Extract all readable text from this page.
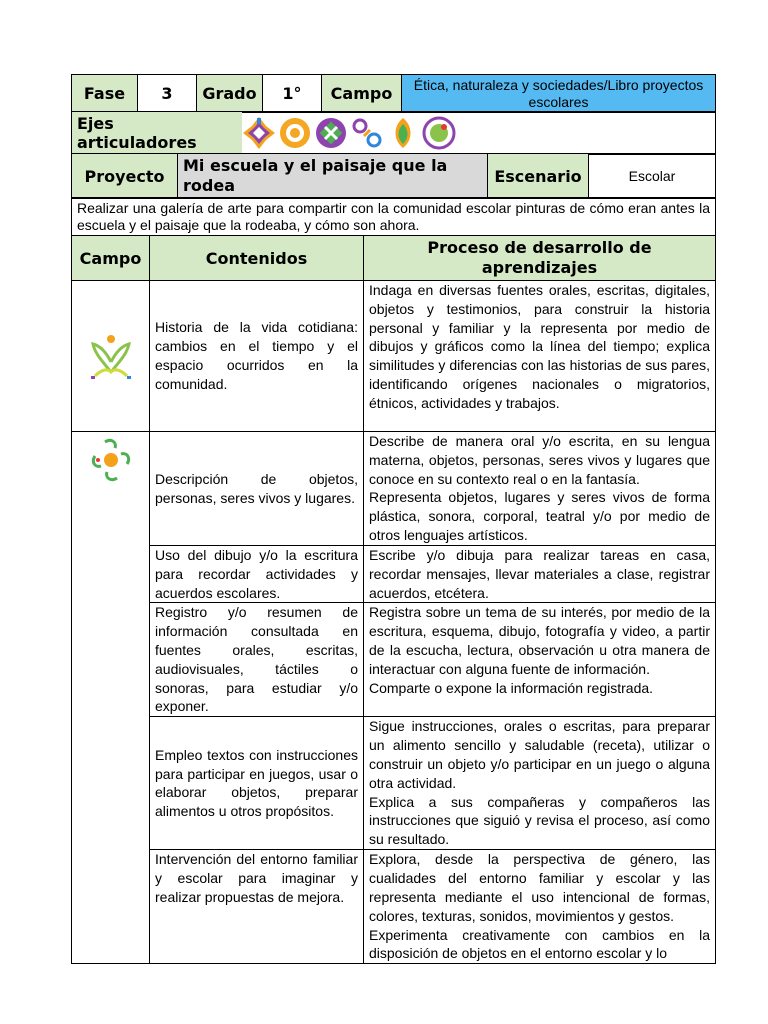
Fase	3	Grado	1°	Campo	Ética, naturaleza y sociedades/Libro proyectos escolares
Ejes articuladores	
Proyecto	Mi escuela y el paisaje que la rodea	Escenario	Escolar
Realizar una galería de arte para compartir con la comunidad escolar pinturas de cómo eran antes la escuela y el paisaje que la rodeaba, y cómo son ahora.
Campo	Contenidos	Proceso de desarrollo de aprendizajes

	Historia de la vida cotidiana: cambios en el tiempo y el espacio ocurridos en la comunidad.	Indaga en diversas fuentes orales, escritas, digitales, objetos y testimonios, para construir la historia personal y familiar y la representa por medio de dibujos y gráficos como la línea del tiempo; explica similitudes y diferencias con las historias de sus pares, identificando orígenes nacionales o migratorios, étnicos, actividades y trabajos.

	Descripción de objetos, personas, seres vivos y lugares.	Describe de manera oral y/o escrita, en su lengua materna, objetos, personas, seres vivos y lugares que conoce en su contexto real o en la fantasía.
Representa objetos, lugares y seres vivos de forma plástica, sonora, corporal, teatral y/o por medio de otros lenguajes artísticos.

	Uso del dibujo y/o la escritura para recordar actividades y acuerdos escolares.	Escribe y/o dibuja para realizar tareas en casa, recordar mensajes, llevar materiales a clase, registrar acuerdos, etcétera.
	Registro y/o resumen de información consultada en fuentes orales, escritas, audiovisuales, táctiles o sonoras, para estudiar y/o exponer.	Registra sobre un tema de su interés, por medio de la escritura, esquema, dibujo, fotografía y video, a partir de la escucha, lectura, observación u otra manera de interactuar con alguna fuente de información.
Comparte o expone la información registrada.

	Empleo textos con instrucciones para participar en juegos, usar o elaborar objetos, preparar alimentos u otros propósitos.	Sigue instrucciones, orales o escritas, para preparar un alimento sencillo y saludable (receta), utilizar o construir un objeto y/o participar en un juego o alguna otra actividad.
Explica a sus compañeras y compañeros las instrucciones que siguió y revisa el proceso, así como su resultado.

	Intervención del entorno familiar y escolar para imaginar y realizar propuestas de mejora.	Explora, desde la perspectiva de género, las cualidades del entorno familiar y escolar y las representa mediante el uso intencional de formas, colores, texturas, sonidos, movimientos y gestos.
Experimenta creativamente con cambios en la disposición de objetos en el entorno escolar y lo
